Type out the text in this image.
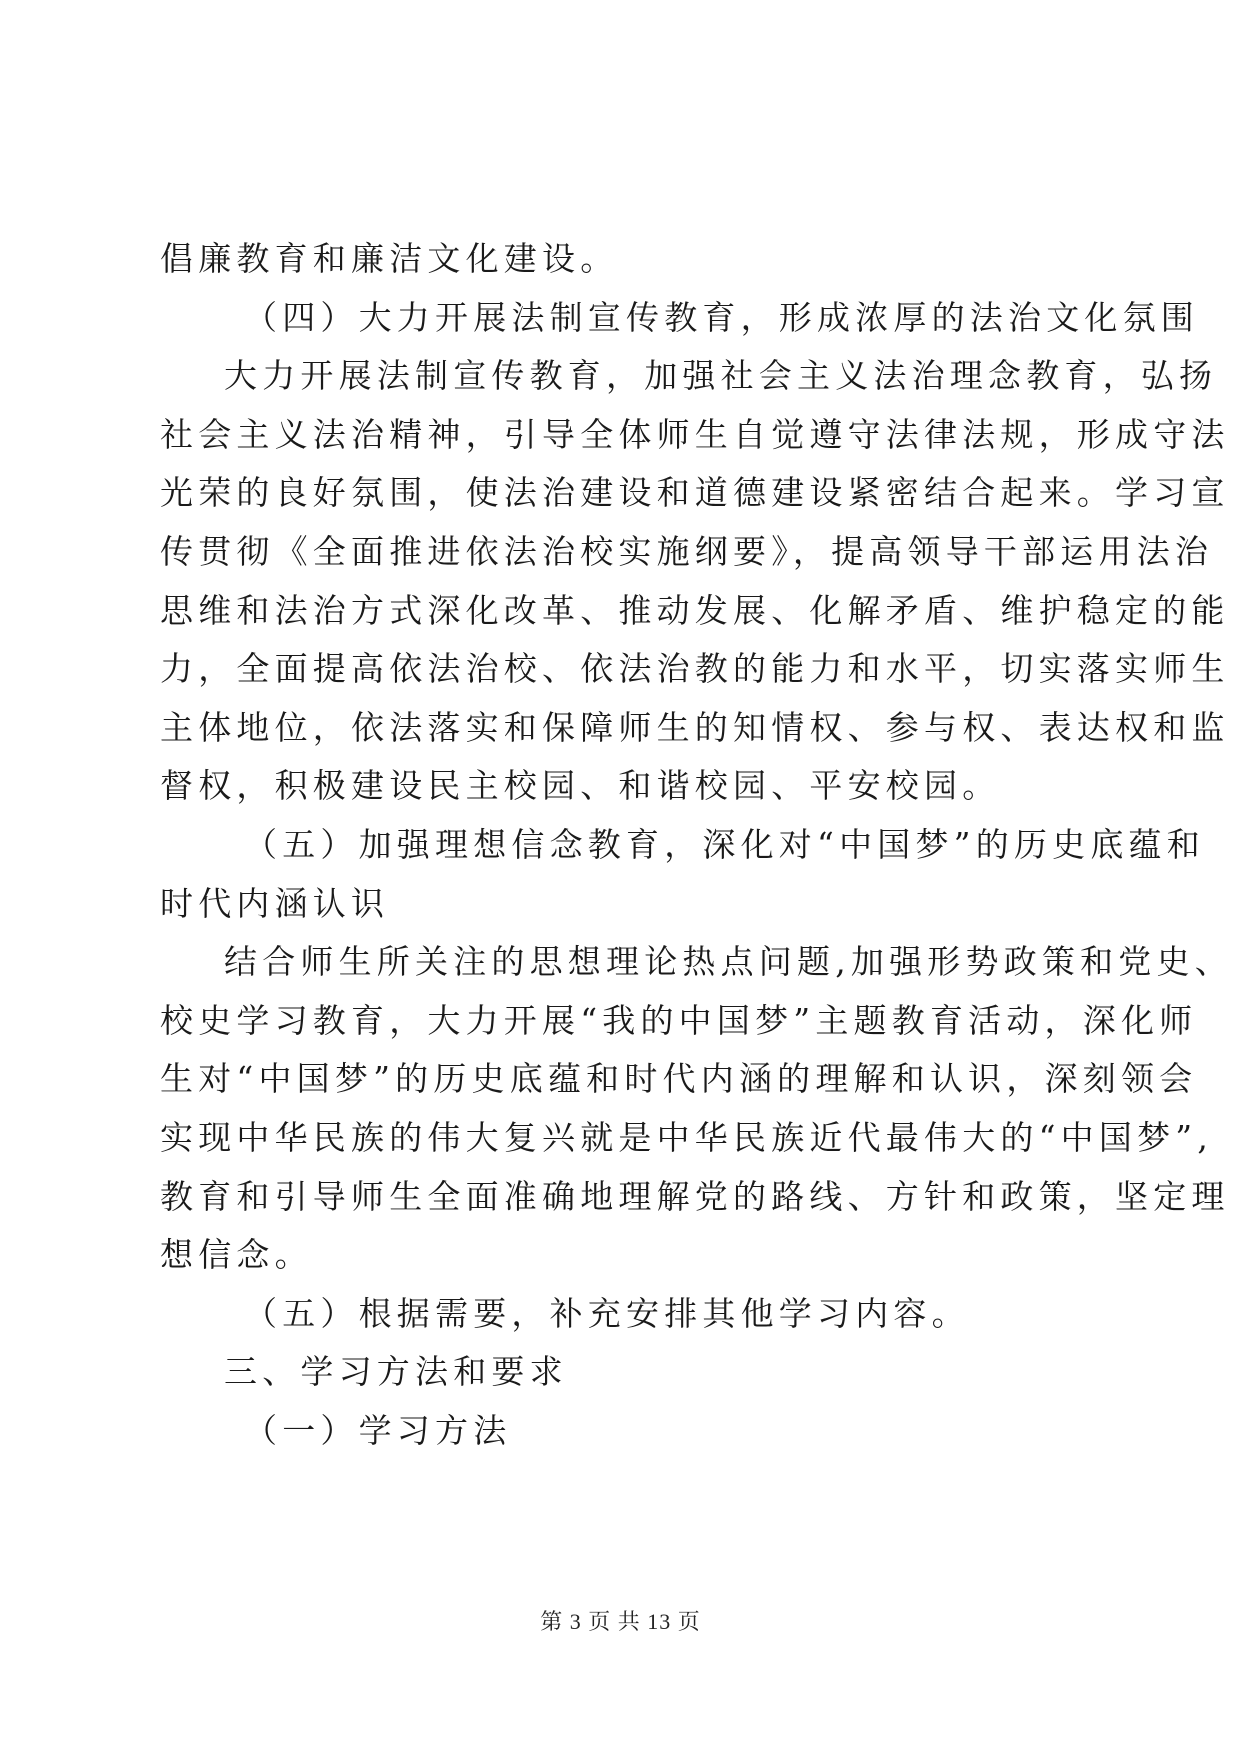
倡廉教育和廉洁文化建设。
（四）大力开展法制宣传教育，形成浓厚的法治文化氛围
大力开展法制宣传教育，加强社会主义法治理念教育，弘扬
社会主义法治精神，引导全体师生自觉遵守法律法规，形成守法
光荣的良好氛围，使法治建设和道德建设紧密结合起来。学习宣
传贯彻《全面推进依法治校实施纲要》，提高领导干部运用法治
思维和法治方式深化改革、推动发展、化解矛盾、维护稳定的能
力，全面提高依法治校、依法治教的能力和水平，切实落实师生
主体地位，依法落实和保障师生的知情权、参与权、表达权和监
督权，积极建设民主校园、和谐校园、平安校园。
（五）加强理想信念教育，深化对“中国梦”的历史底蕴和
时代内涵认识
结合师生所关注的思想理论热点问题,加强形势政策和党史、
校史学习教育，大力开展“我的中国梦”主题教育活动，深化师
生对“中国梦”的历史底蕴和时代内涵的理解和认识，深刻领会
实现中华民族的伟大复兴就是中华民族近代最伟大的“中国梦”,
教育和引导师生全面准确地理解党的路线、方针和政策，坚定理
想信念。
（五）根据需要，补充安排其他学习内容。
三、学习方法和要求
（一）学习方法
第 3 页 共 13 页
